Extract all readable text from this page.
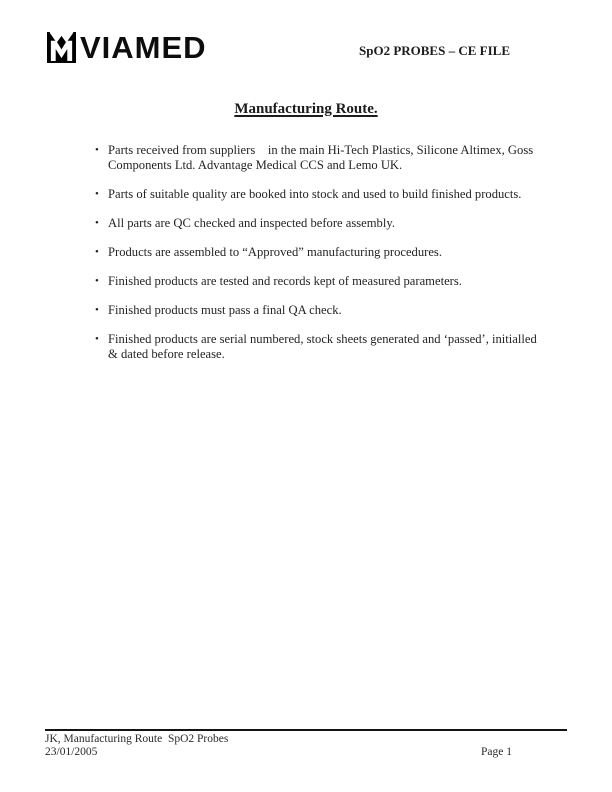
VIAMED	SpO2 PROBES – CE FILE
Manufacturing Route.
• Parts received from suppliers    in the main Hi-Tech Plastics, Silicone Altimex, Goss Components Ltd. Advantage Medical CCS and Lemo UK.
• Parts of suitable quality are booked into stock and used to build finished products.
• All parts are QC checked and inspected before assembly.
• Products are assembled to “Approved” manufacturing procedures.
• Finished products are tested and records kept of measured parameters.
• Finished products must pass a final QA check.
• Finished products are serial numbered, stock sheets generated and ‘passed’, initialled & dated before release.
JK, Manufacturing Route  SpO2 Probes
23/01/2005	Page 1
